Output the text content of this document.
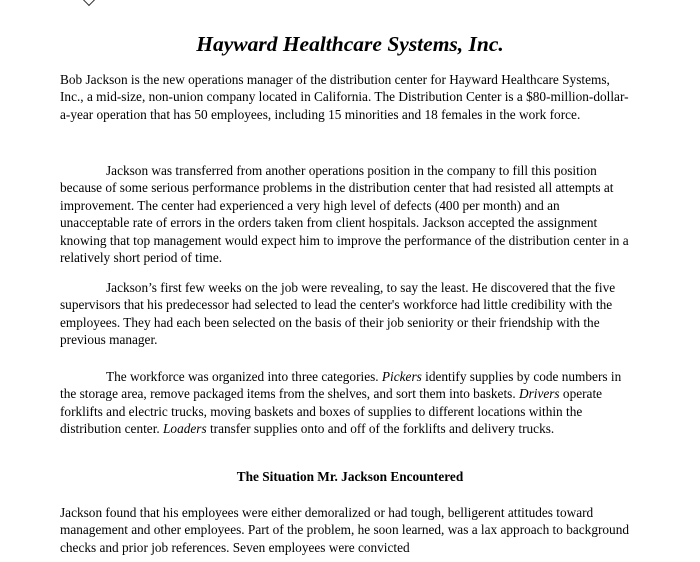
Hayward Healthcare Systems, Inc.

Bob Jackson is the new operations manager of the distribution center for Hayward Healthcare Systems, Inc., a mid-size, non-union company located in California. The Distribution Center is a $80-million-dollar-a-year operation that has 50 employees, including 15 minorities and 18 females in the work force.

Jackson was transferred from another operations position in the company to fill this position because of some serious performance problems in the distribution center that had resisted all attempts at improvement. The center had experienced a very high level of defects (400 per month) and an unacceptable rate of errors in the orders taken from client hospitals. Jackson accepted the assignment knowing that top management would expect him to improve the performance of the distribution center in a relatively short period of time.

Jackson’s first few weeks on the job were revealing, to say the least. He discovered that the five supervisors that his predecessor had selected to lead the center's workforce had little credibility with the employees. They had each been selected on the basis of their job seniority or their friendship with the previous manager.

The workforce was organized into three categories. Pickers identify supplies by code numbers in the storage area, remove packaged items from the shelves, and sort them into baskets. Drivers operate forklifts and electric trucks, moving baskets and boxes of supplies to different locations within the distribution center. Loaders transfer supplies onto and off of the forklifts and delivery trucks.

The Situation Mr. Jackson Encountered

Jackson found that his employees were either demoralized or had tough, belligerent attitudes toward management and other employees. Part of the problem, he soon learned, was a lax approach to background checks and prior job references. Seven employees were convicted
